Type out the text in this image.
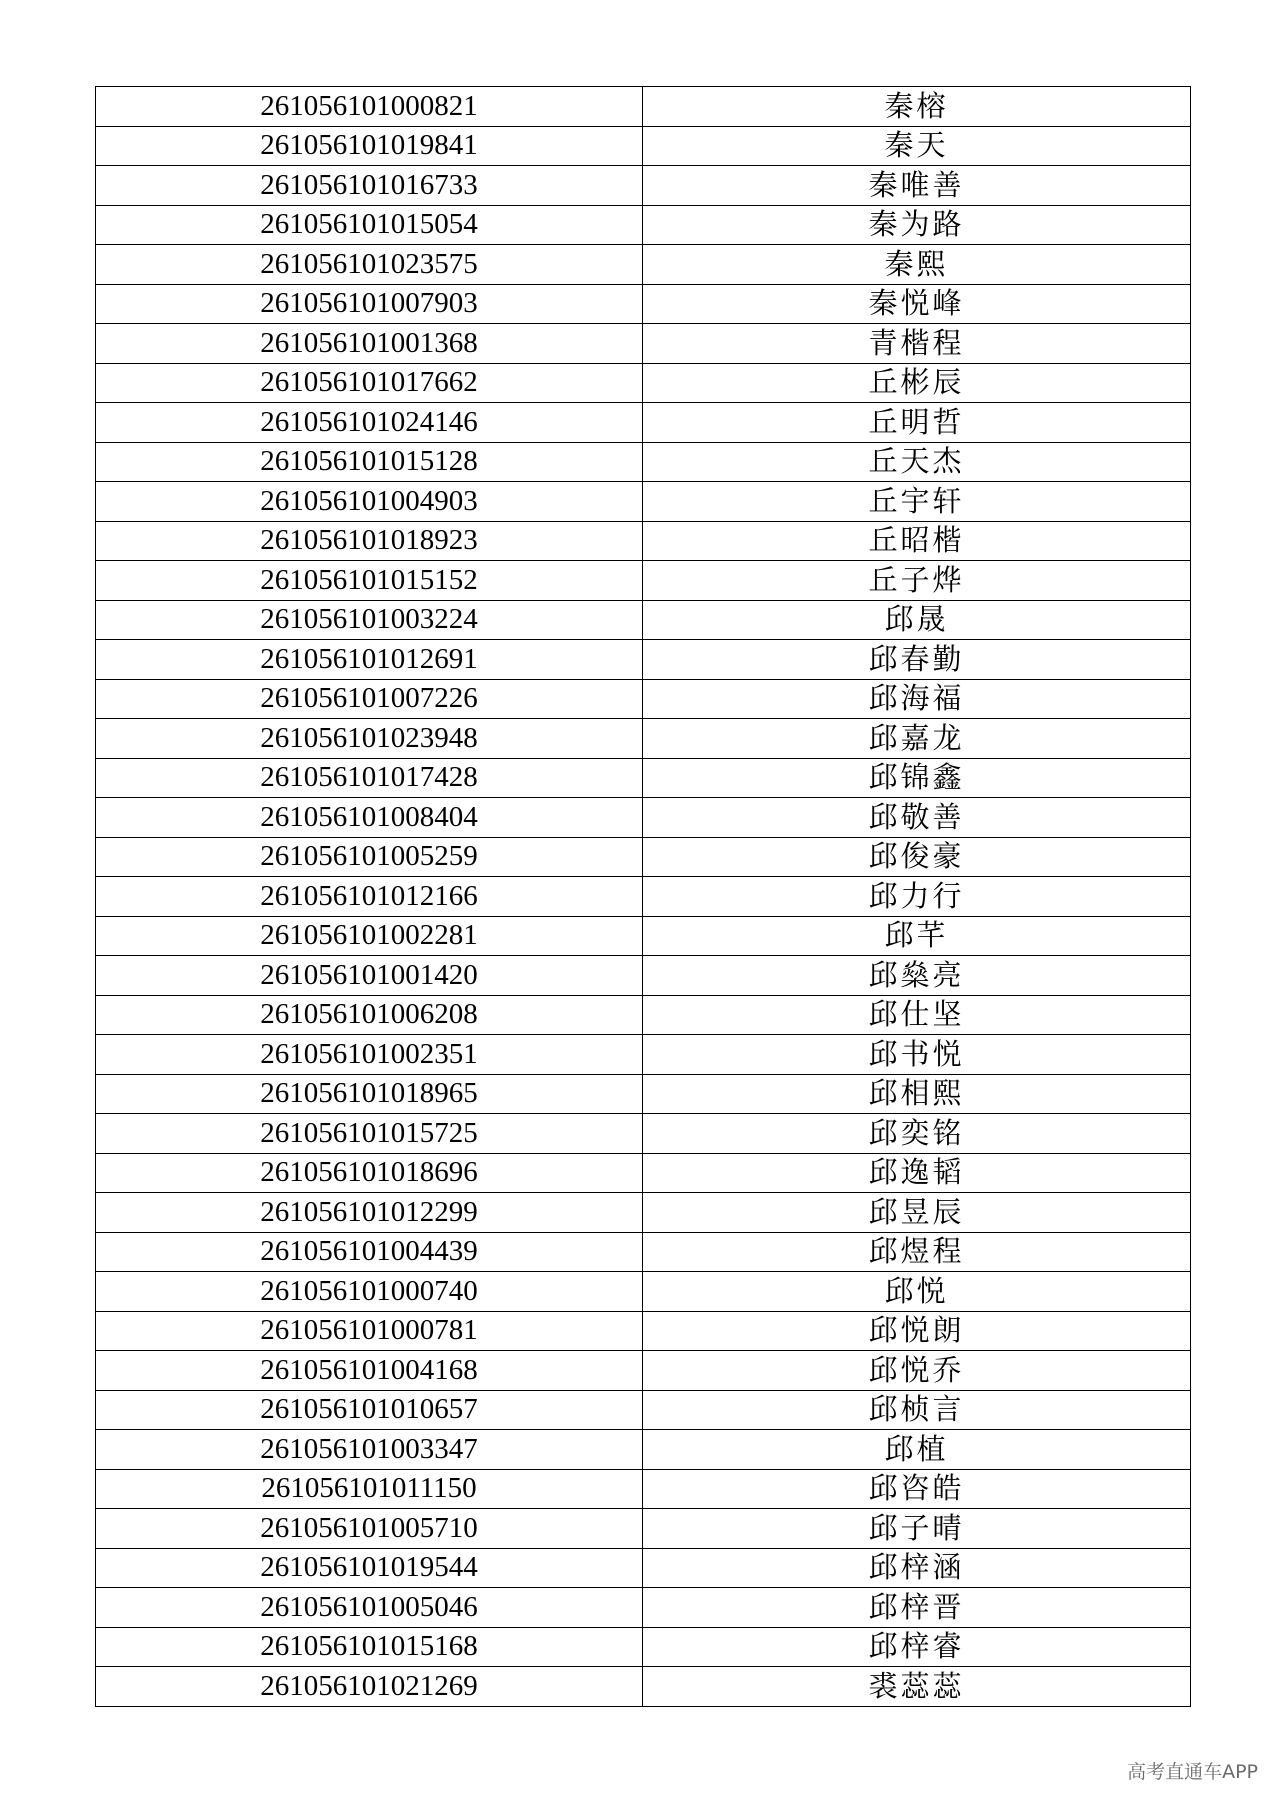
261056101000821	秦榕
261056101019841	秦天
261056101016733	秦唯善
261056101015054	秦为路
261056101023575	秦熙
261056101007903	秦悦峰
261056101001368	青楷程
261056101017662	丘彬辰
261056101024146	丘明哲
261056101015128	丘天杰
261056101004903	丘宇轩
261056101018923	丘昭楷
261056101015152	丘子烨
261056101003224	邱晟
261056101012691	邱春勤
261056101007226	邱海福
261056101023948	邱嘉龙
261056101017428	邱锦鑫
261056101008404	邱敬善
261056101005259	邱俊豪
261056101012166	邱力行
261056101002281	邱芊
261056101001420	邱燊亮
261056101006208	邱仕坚
261056101002351	邱书悦
261056101018965	邱相熙
261056101015725	邱奕铭
261056101018696	邱逸韬
261056101012299	邱昱辰
261056101004439	邱煜程
261056101000740	邱悦
261056101000781	邱悦朗
261056101004168	邱悦乔
261056101010657	邱桢言
261056101003347	邱植
261056101011150	邱咨皓
261056101005710	邱子晴
261056101019544	邱梓涵
261056101005046	邱梓晋
261056101015168	邱梓睿
261056101021269	裘蕊蕊
高考直通车APP
